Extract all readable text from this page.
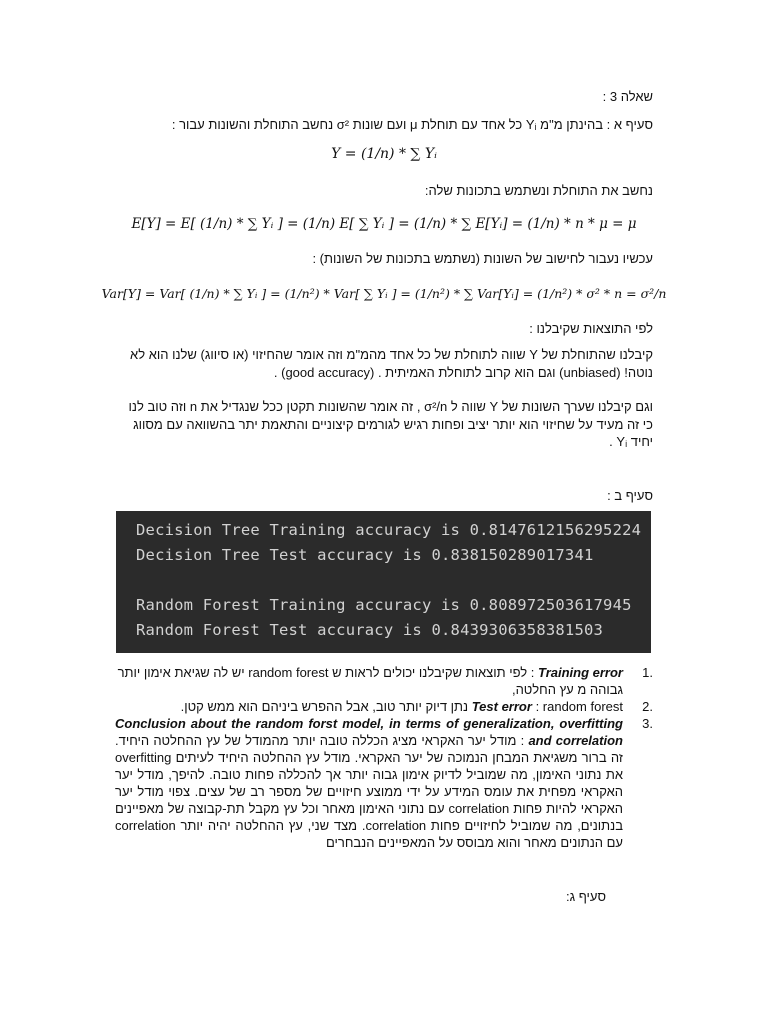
שאלה 3 :
סעיף א : בהינתן מ"מ Yᵢ כל אחד עם תוחלת μ ועם שונות σ² נחשב התוחלת והשונות עבור :
Y = (1/n) * ∑ Yᵢ
נחשב את התוחלת ונשתמש בתכונות שלה:
E[Y] = E[ (1/n) * ∑ Yᵢ ] = (1/n) E[ ∑ Yᵢ ] = (1/n) * ∑ E[Yᵢ] = (1/n) * n * μ = μ
עכשיו נעבור לחישוב של השונות (נשתמש בתכונות של השונות) :
Var[Y] = Var[ (1/n) * ∑ Yᵢ ] = (1/n²) * Var[ ∑ Yᵢ ] = (1/n²) * ∑ Var[Yᵢ] = (1/n²) * σ² * n = σ²/n
לפי התוצאות שקיבלנו :
קיבלנו שהתוחלת של Y שווה לתוחלת של כל אחד מהמ"מ וזה אומר שהחיזוי (או סיווג) שלנו הוא לא
נוטה! (unbiased) וגם הוא קרוב לתוחלת האמיתית . (good accuracy) .
וגם קיבלנו שערך השונות של Y שווה ל σ²/n , זה אומר שהשונות תקטן ככל שנגדיל את n וזה טוב לנו
כי זה מעיד על שחיזוי הוא יותר יציב ופחות רגיש לגורמים קיצוניים והתאמת יתר בהשוואה עם מסווג
יחיד Yᵢ .
סעיף ב :
Decision Tree Training accuracy is 0.8147612156295224
Decision Tree Test accuracy is 0.838150289017341
Random Forest Training accuracy is 0.808972503617945
Random Forest Test accuracy is 0.8439306358381503
1.
Training error : לפי תוצאות שקיבלנו יכולים לראות ש random forest יש לה שגיאת אימון יותר גבוהה מ עץ החלטה,
2.
Test error : random forest נתן דיוק יותר טוב, אבל ההפרש ביניהם הוא ממש קטן.
3.
Conclusion about the random forst model, in terms of generalization, overfitting and correlation : מודל יער האקראי מציג הכללה טובה יותר מהמודל של עץ ההחלטה היחיד. זה ברור משגיאת המבחן הנמוכה של יער האקראי. מודל עץ ההחלטה היחיד לעיתים overfitting את נתוני האימון, מה שמוביל לדיוק אימון גבוה יותר אך להכללה פחות טובה. להיפך, מודל יער האקראי מפחית את עומס המידע על ידי ממוצע חיזויים של מספר רב של עצים. צפוי מודל יער האקראי להיות פחות correlation עם נתוני האימון מאחר וכל עץ מקבל תת-קבוצה של מאפיינים בנתונים, מה שמוביל לחיזויים פחות correlation. מצד שני, עץ ההחלטה יהיה יותר correlation עם הנתונים מאחר והוא מבוסס על המאפיינים הנבחרים
סעיף ג:
